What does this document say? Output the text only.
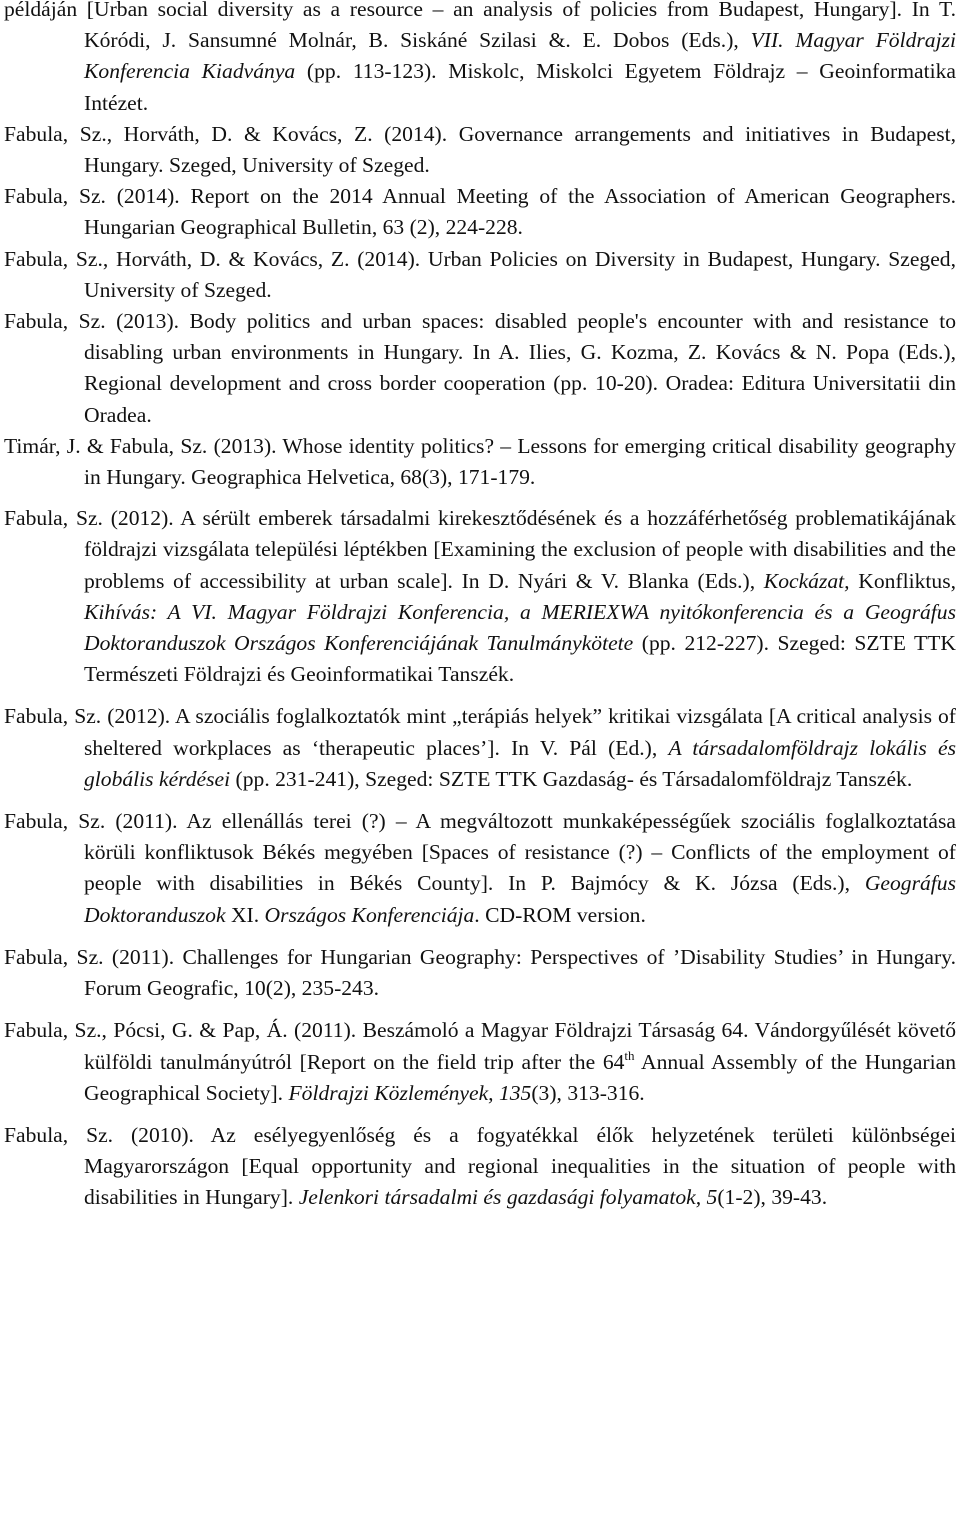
példáján [Urban social diversity as a resource – an analysis of policies from Budapest, Hungary]. In T. Kóródi, J. Sansumné Molnár, B. Siskáné Szilasi &. E. Dobos (Eds.), VII. Magyar Földrajzi Konferencia Kiadványa (pp. 113-123). Miskolc, Miskolci Egyetem Földrajz – Geoinformatika Intézet.

Fabula, Sz., Horváth, D. & Kovács, Z. (2014). Governance arrangements and initiatives in Budapest, Hungary. Szeged, University of Szeged.

Fabula, Sz. (2014). Report on the 2014 Annual Meeting of the Association of American Geographers. Hungarian Geographical Bulletin, 63 (2), 224-228.

Fabula, Sz., Horváth, D. & Kovács, Z. (2014). Urban Policies on Diversity in Budapest, Hungary. Szeged, University of Szeged.

Fabula, Sz. (2013). Body politics and urban spaces: disabled people's encounter with and resistance to disabling urban environments in Hungary. In A. Ilies, G. Kozma, Z. Kovács & N. Popa (Eds.), Regional development and cross border cooperation (pp. 10-20). Oradea: Editura Universitatii din Oradea.

Timár, J. & Fabula, Sz. (2013). Whose identity politics? – Lessons for emerging critical disability geography in Hungary. Geographica Helvetica, 68(3), 171-179.

Fabula, Sz. (2012). A sérült emberek társadalmi kirekesztődésének és a hozzáférhetőség problematikájának földrajzi vizsgálata települési léptékben [Examining the exclusion of people with disabilities and the problems of accessibility at urban scale]. In D. Nyári & V. Blanka (Eds.), Kockázat, Konfliktus, Kihívás: A VI. Magyar Földrajzi Konferencia, a MERIEXWA nyitókonferencia és a Geográfus Doktoranduszok Országos Konferenciájának Tanulmánykötete (pp. 212-227). Szeged: SZTE TTK Természeti Földrajzi és Geoinformatikai Tanszék.

Fabula, Sz. (2012). A szociális foglalkoztatók mint „terápiás helyek” kritikai vizsgálata [A critical analysis of sheltered workplaces as ‘therapeutic places’]. In V. Pál (Ed.), A társadalomföldrajz lokális és globális kérdései (pp. 231-241), Szeged: SZTE TTK Gazdaság- és Társadalomföldrajz Tanszék.

Fabula, Sz. (2011). Az ellenállás terei (?) – A megváltozott munkaképességűek szociális foglalkoztatása körüli konfliktusok Békés megyében [Spaces of resistance (?) – Conflicts of the employment of people with disabilities in Békés County]. In P. Bajmócy & K. Józsa (Eds.), Geográfus Doktoranduszok XI. Országos Konferenciája. CD-ROM version.

Fabula, Sz. (2011). Challenges for Hungarian Geography: Perspectives of ’Disability Studies’ in Hungary. Forum Geografic, 10(2), 235-243.

Fabula, Sz., Pócsi, G. & Pap, Á. (2011). Beszámoló a Magyar Földrajzi Társaság 64. Vándorgyűlését követő külföldi tanulmányútról [Report on the field trip after the 64th Annual Assembly of the Hungarian Geographical Society]. Földrajzi Közlemények, 135(3), 313-316.

Fabula, Sz. (2010). Az esélyegyenlőség és a fogyatékkal élők helyzetének területi különbségei Magyarországon [Equal opportunity and regional inequalities in the situation of people with disabilities in Hungary]. Jelenkori társadalmi és gazdasági folyamatok, 5(1-2), 39-43.
